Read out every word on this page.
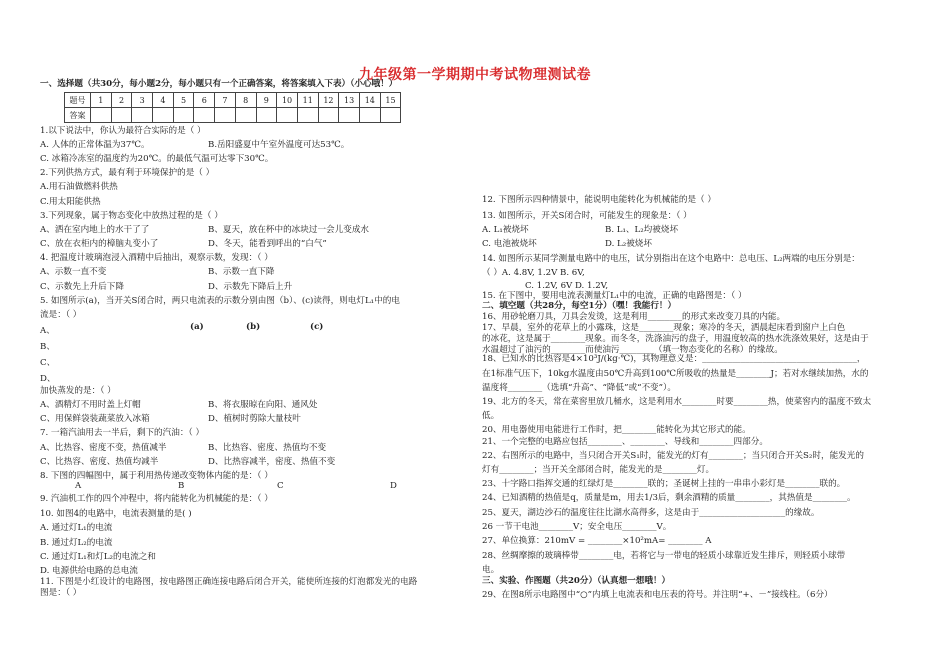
九年级第一学期期中考试物理测试卷
一、选择题（共30分，每小题2分，每小题只有一个正确答案，将答案填入下表）（小心哦！）
题号	1	2	3	4	5	6	7	8	9	10	11	12	13	14	15
答案															
1.以下说法中，你认为最符合实际的是（ ）
A. 人体的正常体温为37℃。	B.岳阳盛夏中午室外温度可达53℃。
C. 冰箱冷冻室的温度约为20℃。的最低气温可达零下30℃。
2.下列供热方式，最有利于环境保护的是（ ）
A.用石油做燃料供热
C.用太阳能供热
3.下列现象，属于物态变化中放热过程的是（ ）
A、洒在室内地上的水干了了	B、夏天，放在杯中的冰块过一会儿变成水
C、放在衣柜内的樟脑丸变小了	D、冬天，能看到呼出的“白气”
4. 把温度计玻璃泡浸入酒精中后抽出，观察示数，发现：（ ）
A、示数一直不变	B、示数一直下降
C、示数先上升后下降	D、示数先下降后上升
5. 如图所示(a)，当开关S闭合时，两只电流表的示数分别由图（b）、(c)读得，则电灯L₁中的电
流是：（ ）
(a)	(b)	(c)
A、
B、
C、
D、
加快蒸发的是：（ ）
A、酒精灯不用时盖上灯帽	B、将衣服晾在向阳、通风处
C、用保鲜袋装蔬菜放入冰箱	D、植树时剪除大量枝叶
7. 一箱汽油用去一半后，剩下的汽油：（ ）
A、比热容、密度不变，热值减半	B、比热容、密度、热值均不变
C、比热容、密度、热值均减半	D、比热容减半，密度、热值不变
8. 下图的四幅图中，属于利用热传递改变物体内能的是：（ ）
A	B	C	D
9. 汽油机工作的四个冲程中，将内能转化为机械能的是：（ ）
10. 如图4的电路中，电流表测量的是( )
A. 通过灯L₁的电流
B. 通过灯L₂的电流
C. 通过灯L₁和灯L₂的电流之和
D. 电源供给电路的总电流
11. 下图是小红设计的电路图，按电路图正确连接电路后闭合开关，能使所连接的灯泡都发光的电路
图是：（ ）
12. 下图所示四种情景中，能说明电能转化为机械能的是（ ）
13. 如图所示，开关S闭合时，可能发生的现象是：（ ）
A. L₁被烧坏	B. L₁、L₂均被烧坏
C. 电池被烧坏	D. L₂被烧坏
14. 如图所示某同学测量电路中的电压，试分别指出在这个电路中：总电压、L₂两端的电压分别是：
（ ）A. 4.8V, 1.2V B. 6V,
C. 1.2V, 6V D. 1.2V,
15. 在下图中，要用电流表测量灯L₁中的电流，正确的电路图是：（ ）
二、填空题（共28分，每空1分）（嘿！我能行！）
16、用砂轮磨刀具，刀具会发烫，这是利用________的形式来改变刀具的内能。
17、早晨，室外的花草上的小露珠，这是________现象；寒冷的冬天，洒晨起床看到窗户上白色
的冰花，这是属于________现象。而冬冬，洗涤油污的盘子，用温度较高的热水洗涤效果好，这是由于
水温超过了油污的________而使油污________（填一物态变化的名称）的缘故。
18、已知水的比热容是4×10³J/(kg·℃)，其物理意义是：____________________________________，
在1标准气压下，10kg水温度由50℃升高到100℃所吸收的热量是________J；若对水继续加热，水的
温度将________（选填“升高”、“降低”或“不变”）。
19、北方的冬天，常在菜窖里放几桶水，这是利用水________时要________热，使菜窖内的温度不致太
低。
20、用电器使用电能进行工作时，把________能转化为其它形式的能。
21、一个完整的电路应包括________、________、导线和________四部分。
22、右图所示的电路中，当只闭合开关S₁时，能发光的灯有________；当只闭合开关S₂时，能发光的
灯有________；当开关全部闭合时，能发光的是________灯。
23、十字路口指挥交通的红绿灯是________联的；圣诞树上挂的一串串小彩灯是________联的。
24、已知酒精的热值是q，质量是m，用去1/3后，剩余酒精的质量________，其热值是________。
25、夏天，湖边沙石的温度往往比湖水高得多，这是由于____________________的缘故。
26 一节干电池________V；安全电压________V。
27、单位换算：210mV = ________×10²mA= ________ A
28、丝绸摩擦的玻璃棒带________电，若将它与一带电的轻质小球靠近发生排斥，则轻质小球带
电。
三、实验、作图题（共20分）（认真想一想哦！）
29、在图8所示电路图中“○”内填上电流表和电压表的符号。并注明“+、－”接线柱。（6分）
